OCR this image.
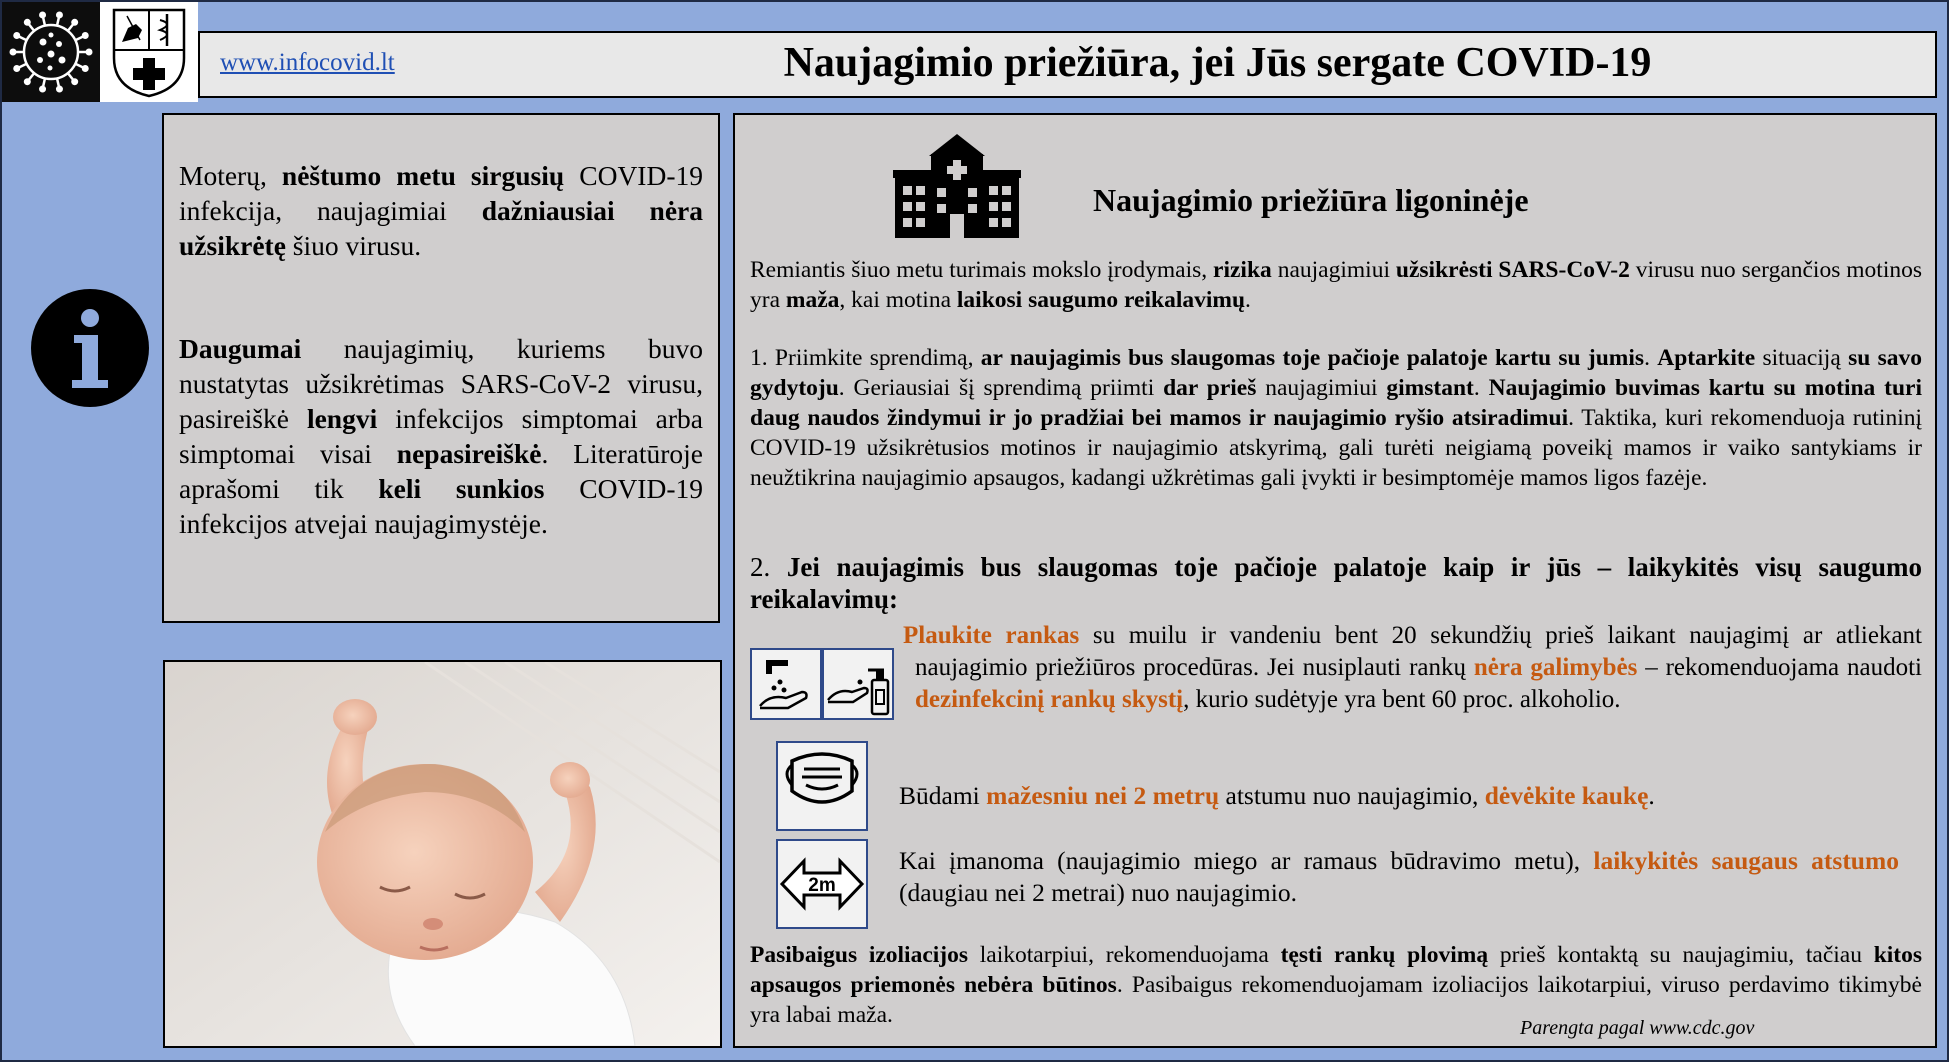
www.infocovid.lt	Naujagimio priežiūra, jei Jūs sergate COVID-19

Moterų, nėštumo metu sirgusių COVID-19 infekcija, naujagimiai dažniausiai nėra užsikrėtę šiuo virusu.

Daugumai naujagimių, kuriems buvo nustatytas užsikrėtimas SARS-CoV-2 virusu, pasireiškė lengvi infekcijos simptomai arba simptomai visai nepasireiškė. Literatūroje aprašomi tik keli sunkios COVID-19 infekcijos atvejai naujagimystėje.

Naujagimio priežiūra ligoninėje

Remiantis šiuo metu turimais mokslo įrodymais, rizika naujagimiui užsikrėsti SARS-CoV-2 virusu nuo sergančios motinos yra maža, kai motina laikosi saugumo reikalavimų.

1. Priimkite sprendimą, ar naujagimis bus slaugomas toje pačioje palatoje kartu su jumis. Aptarkite situaciją su savo gydytoju. Geriausiai šį sprendimą priimti dar prieš naujagimiui gimstant. Naujagimio buvimas kartu su motina turi daug naudos žindymui ir jo pradžiai bei mamos ir naujagimio ryšio atsiradimui. Taktika, kuri rekomenduoja rutininį COVID-19 užsikrėtusios motinos ir naujagimio atskyrimą, gali turėti neigiamą poveikį mamos ir vaiko santykiams ir neužtikrina naujagimio apsaugos, kadangi užkrėtimas gali įvykti ir besimptomėje mamos ligos fazėje.

2. Jei naujagimis bus slaugomas toje pačioje palatoje kaip ir jūs – laikykitės visų saugumo reikalavimų:

Plaukite rankas su muilu ir vandeniu bent 20 sekundžių prieš laikant naujagimį ar atliekant naujagimio priežiūros procedūras. Jei nusiplauti rankų nėra galimybės – rekomenduojama naudoti dezinfekcinį rankų skystį, kurio sudėtyje yra bent 60 proc. alkoholio.

Būdami mažesniu nei 2 metrų atstumu nuo naujagimio, dėvėkite kaukę.

2m

Kai įmanoma (naujagimio miego ar ramaus būdravimo metu), laikykitės saugaus atstumo (daugiau nei 2 metrai) nuo naujagimio.

Pasibaigus izoliacijos laikotarpiui, rekomenduojama tęsti rankų plovimą prieš kontaktą su naujagimiu, tačiau kitos apsaugos priemonės nebėra būtinos. Pasibaigus rekomenduojamam izoliacijos laikotarpiui, viruso perdavimo tikimybė yra labai maža.	Parengta pagal www.cdc.gov
